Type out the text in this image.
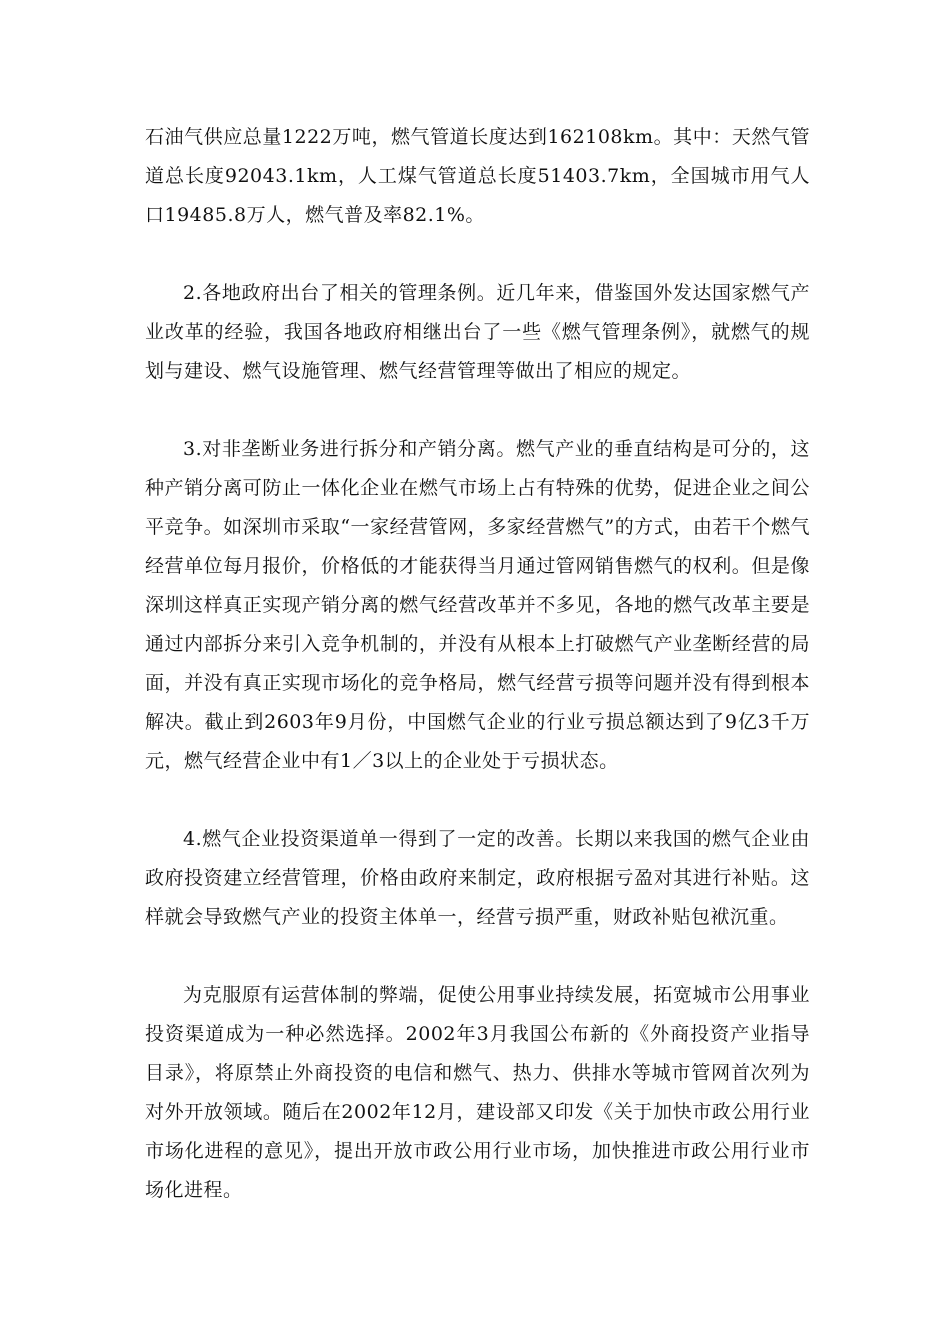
石油气供应总量1222万吨，燃气管道长度达到162108km。其中：天然气管道总长度92043.1km，人工煤气管道总长度51403.7km，全国城市用气人口19485.8万人，燃气普及率82.1%。

2.各地政府出台了相关的管理条例。近几年来，借鉴国外发达国家燃气产业改革的经验，我国各地政府相继出台了一些《燃气管理条例》，就燃气的规划与建设、燃气设施管理、燃气经营管理等做出了相应的规定。

3.对非垄断业务进行拆分和产销分离。燃气产业的垂直结构是可分的，这种产销分离可防止一体化企业在燃气市场上占有特殊的优势，促进企业之间公平竞争。如深圳市采取“一家经营管网，多家经营燃气”的方式，由若干个燃气经营单位每月报价，价格低的才能获得当月通过管网销售燃气的权利。但是像深圳这样真正实现产销分离的燃气经营改革并不多见，各地的燃气改革主要是通过内部拆分来引入竞争机制的，并没有从根本上打破燃气产业垄断经营的局面，并没有真正实现市场化的竞争格局，燃气经营亏损等问题并没有得到根本解决。截止到2603年9月份，中国燃气企业的行业亏损总额达到了9亿3千万元，燃气经营企业中有1／3以上的企业处于亏损状态。

4.燃气企业投资渠道单一得到了一定的改善。长期以来我国的燃气企业由政府投资建立经营管理，价格由政府来制定，政府根据亏盈对其进行补贴。这样就会导致燃气产业的投资主体单一，经营亏损严重，财政补贴包袱沉重。

为克服原有运营体制的弊端，促使公用事业持续发展，拓宽城市公用事业投资渠道成为一种必然选择。2002年3月我国公布新的《外商投资产业指导目录》，将原禁止外商投资的电信和燃气、热力、供排水等城市管网首次列为对外开放领域。随后在2002年12月，建设部又印发《关于加快市政公用行业市场化进程的意见》，提出开放市政公用行业市场，加快推进市政公用行业市场化进程。
